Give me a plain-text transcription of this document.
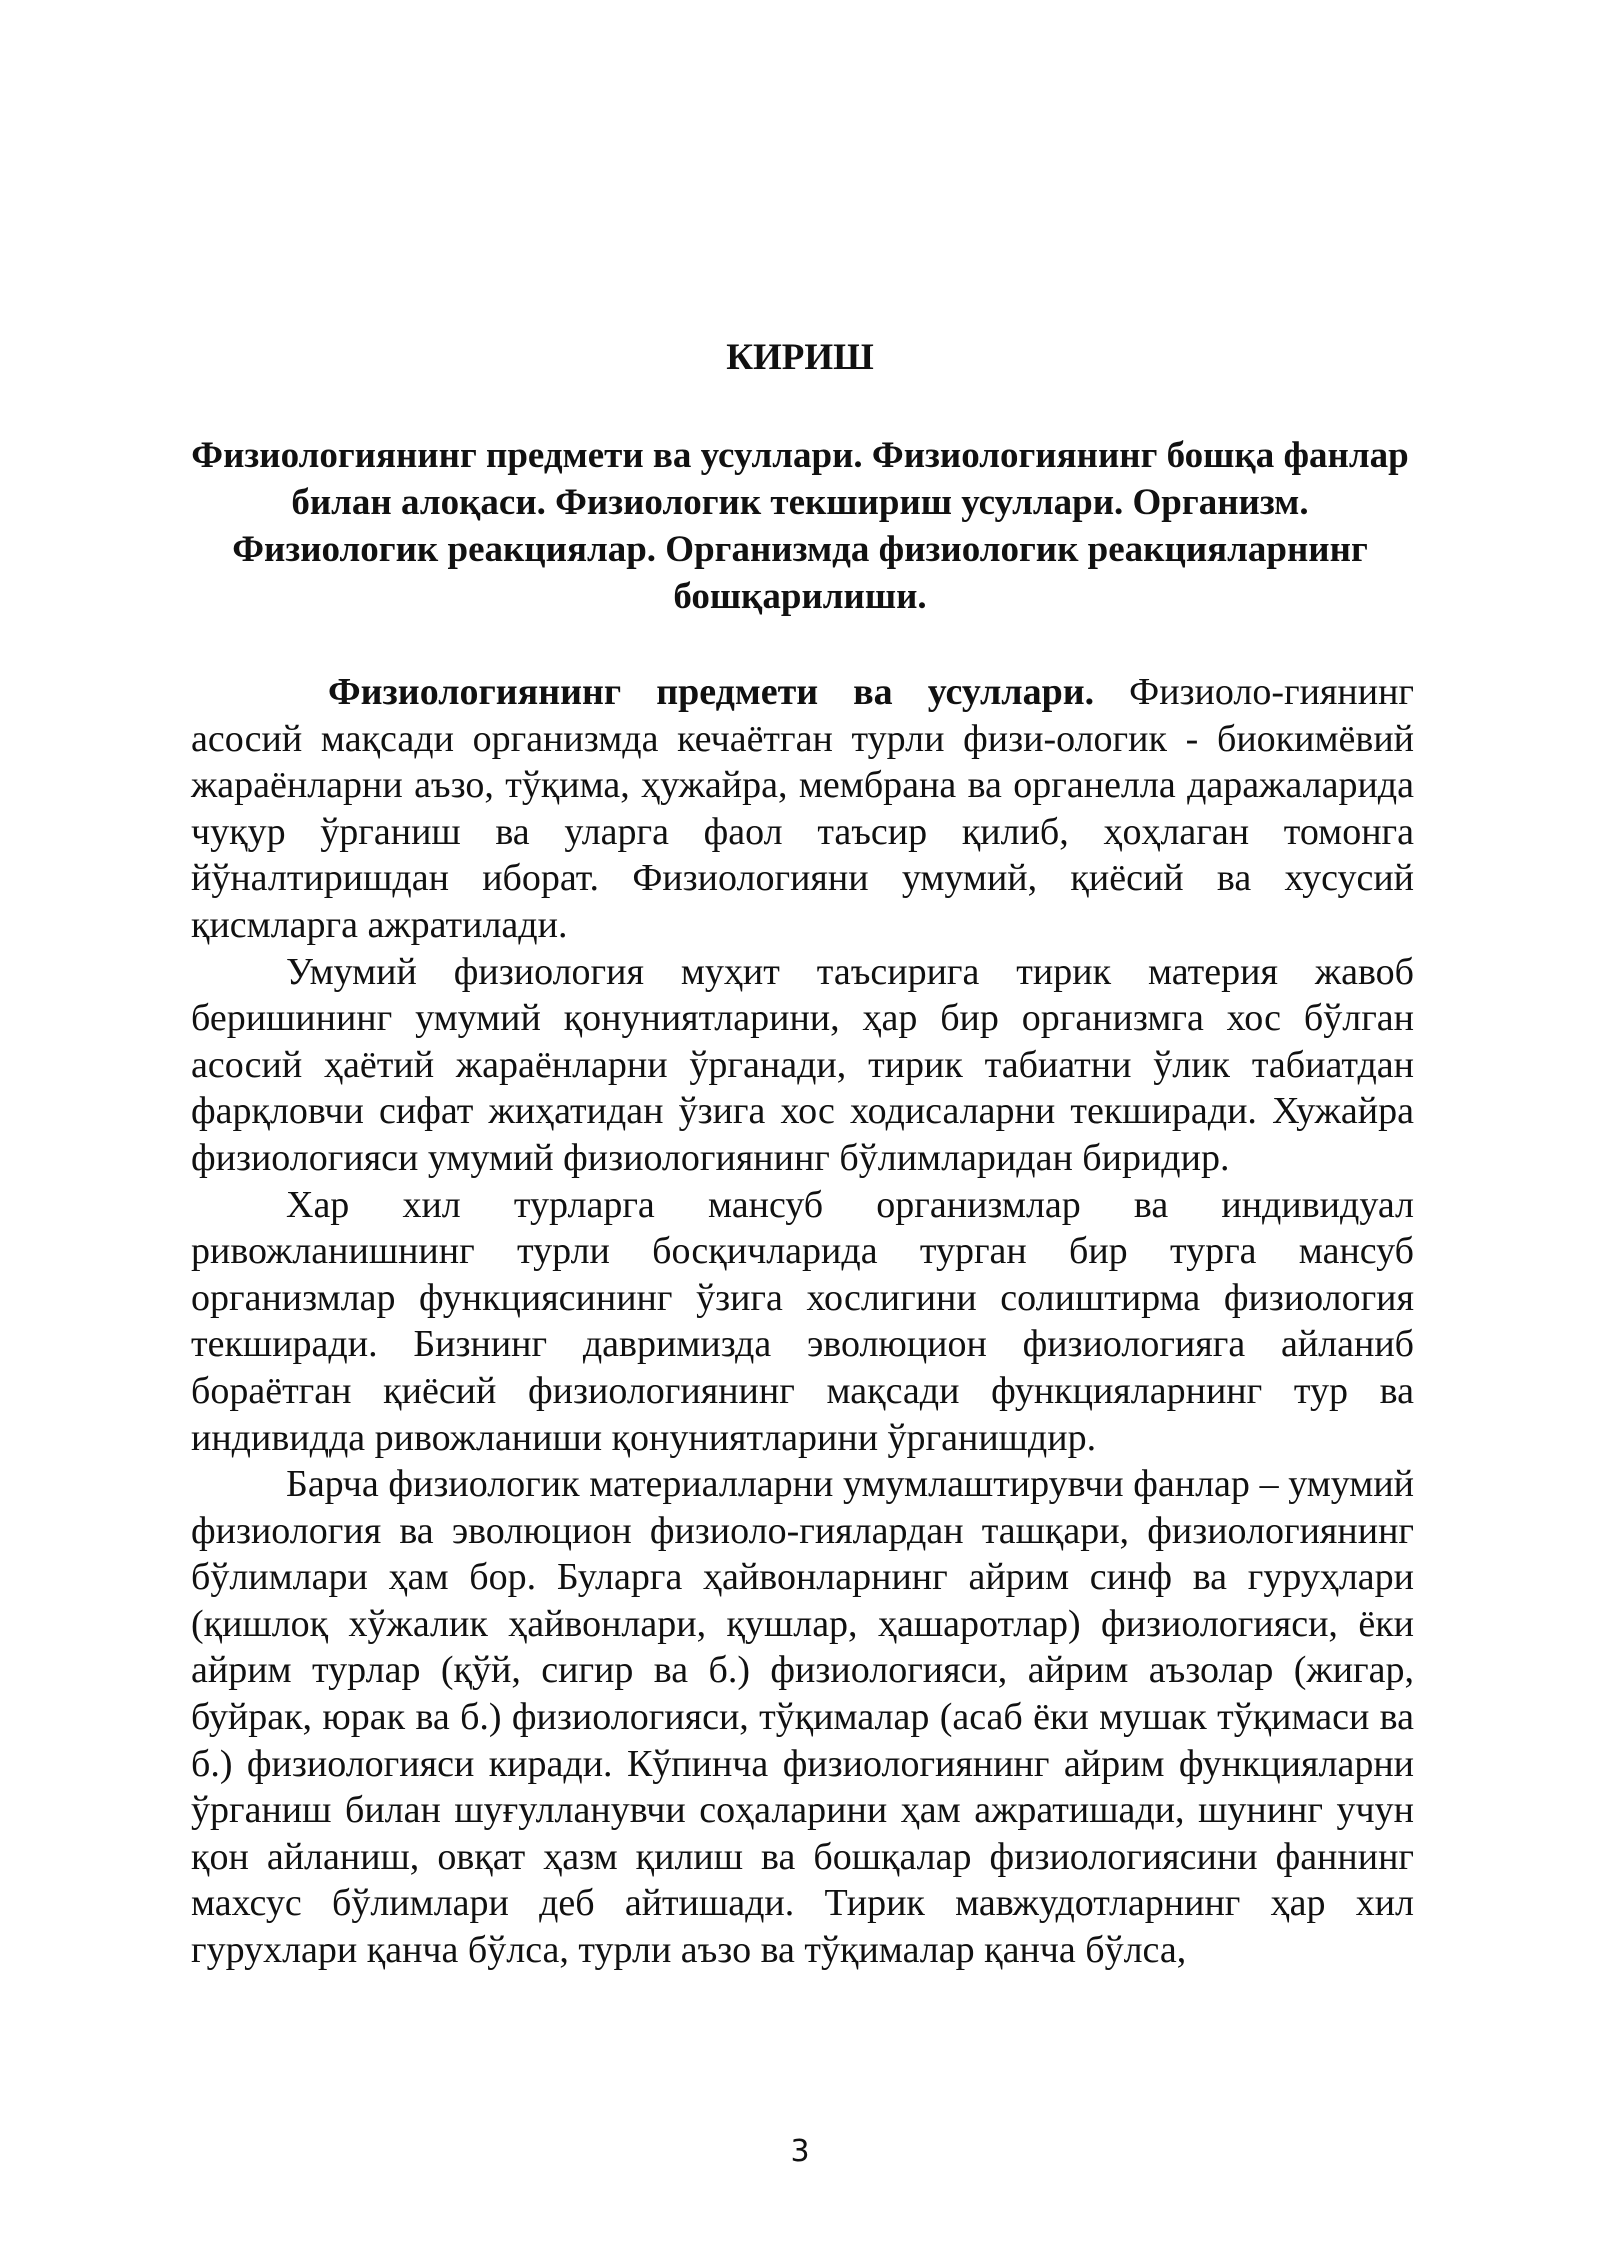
КИРИШ
Физиологиянинг предмети ва усуллари. Физиологиянинг бошқа фанлар билан алоқаси. Физиологик текшириш усуллари. Организм. Физиологик реакциялар. Организмда физиологик реакцияларнинг бошқарилиши.

Физиологиянинг предмети ва усуллари. Физиоло-гиянинг асосий мақсади организмда кечаётган турли физи-ологик - биокимёвий жараёнларни аъзо, тўқима, ҳужайра, мембрана ва органелла даражаларида чуқур ўрганиш ва уларга фаол таъсир қилиб, ҳоҳлаган томонга йўналтиришдан иборат. Физиологияни умумий, қиёсий ва хусусий қисмларга ажратилади.

Умумий физиология муҳит таъсирига тирик материя жавоб беришининг умумий қонуниятларини, ҳар бир организмга хос бўлган асосий ҳаётий жараёнларни ўрганади, тирик табиатни ўлик табиатдан фарқловчи сифат жиҳатидан ўзига хос ходисаларни текширади. Хужайра физиологияси умумий физиологиянинг бўлимларидан биридир.

Хар хил турларга мансуб организмлар ва индивидуал ривожланишнинг турли босқичларида турган бир турга мансуб организмлар функциясининг ўзига хослигини солиштирма физиология текширади. Бизнинг давримизда эволюцион физиологияга айланиб бораётган қиёсий физиологиянинг мақсади функцияларнинг тур ва индивидда ривожланиши қонуниятларини ўрганишдир.

Барча физиологик материалларни умумлаштирувчи фанлар – умумий физиология ва эволюцион физиоло-гиялардан ташқари, физиологиянинг бўлимлари ҳам бор. Буларга ҳайвонларнинг айрим синф ва гуруҳлари (қишлоқ хўжалик ҳайвонлари, қушлар, ҳашаротлар) физиологияси, ёки айрим турлар (қўй, сигир ва б.) физиологияси, айрим аъзолар (жигар, буйрак, юрак ва б.) физиологияси, тўқималар (асаб ёки мушак тўқимаси ва б.) физиологияси киради. Кўпинча физиологиянинг айрим функцияларни ўрганиш билан шуғулланувчи соҳаларини ҳам ажратишади, шунинг учун қон айланиш, овқат ҳазм қилиш ва бошқалар физиологиясини фаннинг махсус бўлимлари деб айтишади. Тирик мавжудотларнинг ҳар хил гурухлари қанча бўлса, турли аъзо ва тўқималар қанча бўлса,

3
